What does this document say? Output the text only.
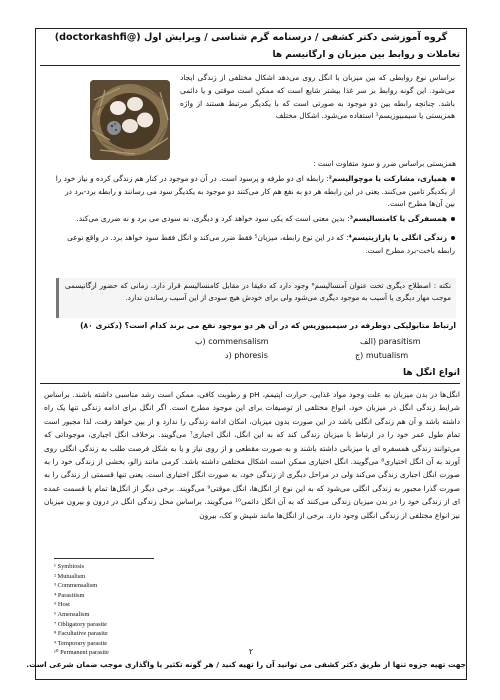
گروه آموزشی دکتر کشفی / درسنامه گرم شناسی / ویرایش اول (@doctorkashfi)
تعاملات و روابط بین میزبان و ارگانیسم ها
براساس نوع روابطی که بین میزبان با انگل روی می‌دهد اشکال مختلفی از زندگی ایجاد می‌شود. این گونه روابط بر سر غذا بیشتر شایع است که ممکن است موقتی و یا دائمی باشد. چنانچه رابطه بین دو موجود به صورتی است که با یکدیگر مرتبط هستند از واژه همزیستی یا سیمبیوزیسم¹ استفاده می‌شود. اشکال مختلف
همزیستی براساس ضرر و سود متفاوت است :
همیاری، مشارکت یا موچوالیسم²: رابطه ای دو طرفه و پرسود است. در آن دو موجود در کنار هم زندگی کرده و نیاز خود را از یکدیگر تامین می‌کنند. یعنی در این رابطه هر دو به نفع هم کار می‌کنند دو موجود به یکدیگر سود می رسانند و رابطه برد-برد در بین آن‌ها مطرح است.
همسفرگی یا کامنسالیسم³: بدین معنی است که یکی سود خواهد کرد و دیگری، نه سودی می برد و نه ضرری می‌کند.
زندگی انگلی یا پارازیتیسم⁴: که در این نوع رابطه، میزبان⁵ فقط ضرر می‌کند و انگل فقط سود خواهد برد. در واقع نوعی رابطه باخت-برد مطرح است.
نکته : اصطلاح دیگری تحت عنوان آمنسالیسم⁶ وجود دارد که دقیقا در مقابل کامنسالیسم قرار دارد. زمانی که حضور ارگانیسمی موجب مهار دیگری یا آسیب به موجود دیگری می‌شود ولی برای خودش هیچ سودی از این آسیب رساندن ندارد.
ارتباط متابولیکی دوطرفه در سیمبیوزیس که در آن هر دو موجود نفع می برند کدام است؟ (دکتری ۸۰)
الف) parasitism
ب) commensalism
ج) mutualism
د) phoresis
انواع انگل ها
انگل‌ها در بدن میزبان به علت وجود مواد غذایی، حرارت اپتیمم، pH و رطوبت کافی، ممکن است رشد مناسبی داشته باشند. براساس شرایط زندگی انگل در میزبان خود، انواع مختلفی از توصیفات برای این موجود مطرح است. اگر انگل برای ادامه زندگی تنها یک راه داشته باشد و آن هم زندگی انگلی باشد در این صورت بدون میزبان، امکان ادامه زندگی را ندارد و از بین خواهد رفت، لذا مجبور است تمام طول عمر خود را در ارتباط با میزبان زندگی کند که به این انگل، انگل اجباری⁷ می‌گویند. برخلاف انگل اجباری، موجوداتی که می‌توانند زندگی همسفره ای یا میزبانی داشته باشند و به صورت مقطعی و از روی نیاز و یا به شکل فرصت طلب به زندگی انگلی روی آورند به آن انگل اختیاری⁸ می‌گویند. انگل اختیاری ممکن است اشکال مختلفی داشته باشد. کرمی مانند زالو، بخشی از زندگی خود را به صورت انگل اجباری زندگی می‌کند ولی در مراحل دیگری از زندگی خود، به صورت انگل اختیاری است. یعنی تنها قسمتی از زندگی را به صورت گذرا مجبور به زندگی انگلی می‌شود که به این نوع از انگل‌ها، انگل موقتی⁹ می‌گویند. برخی دیگر از انگل‌ها تمام یا قسمت عمده ای از زندگی خود را در بدن میزبان زندگی می‌کنند که به آن انگل دائمی¹⁰ می‌گویند. براساس محل زندگی انگل در درون و بیرون میزبان نیز انواع مختلفی از زندگی انگلی وجود دارد. برخی از انگل‌ها مانند شپش و کک، بیرون
¹ Symbiosis
² Mutualism
³ Commensalism
⁴ Parasitism
⁵ Host
⁶ Amensalism
⁷ Obligatory parasite
⁸ Facultative parasite
⁹ Temporary parasite
¹⁰ Permanent parasite	۲
جهت تهیه جزوه تنها از طریق دکتر کشفی می توانید آن را تهیه کنید / هر گونه تکثیر یا واگذاری موجب ضمان شرعی است.
